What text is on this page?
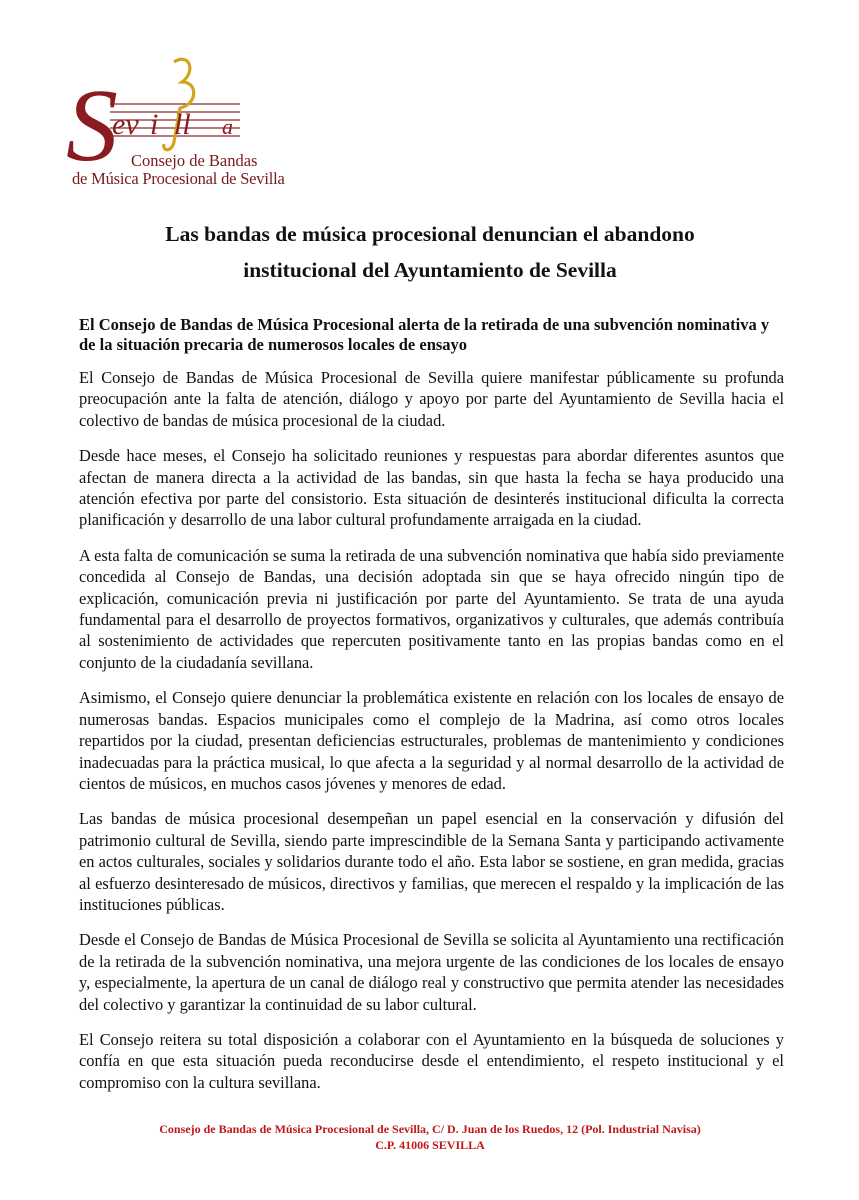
S
ev i ll a
Consejo de Bandas
de Música Procesional de Sevilla
Las bandas de música procesional denuncian el abandono
institucional del Ayuntamiento de Sevilla

El Consejo de Bandas de Música Procesional alerta de la retirada de una subvención nominativa y de la situación precaria de numerosos locales de ensayo

El Consejo de Bandas de Música Procesional de Sevilla quiere manifestar públicamente su profunda preocupación ante la falta de atención, diálogo y apoyo por parte del Ayuntamiento de Sevilla hacia el colectivo de bandas de música procesional de la ciudad.

Desde hace meses, el Consejo ha solicitado reuniones y respuestas para abordar diferentes asuntos que afectan de manera directa a la actividad de las bandas, sin que hasta la fecha se haya producido una atención efectiva por parte del consistorio. Esta situación de desinterés institucional dificulta la correcta planificación y desarrollo de una labor cultural profundamente arraigada en la ciudad.

A esta falta de comunicación se suma la retirada de una subvención nominativa que había sido previamente concedida al Consejo de Bandas, una decisión adoptada sin que se haya ofrecido ningún tipo de explicación, comunicación previa ni justificación por parte del Ayuntamiento. Se trata de una ayuda fundamental para el desarrollo de proyectos formativos, organizativos y culturales, que además contribuía al sostenimiento de actividades que repercuten positivamente tanto en las propias bandas como en el conjunto de la ciudadanía sevillana.

Asimismo, el Consejo quiere denunciar la problemática existente en relación con los locales de ensayo de numerosas bandas. Espacios municipales como el complejo de la Madrina, así como otros locales repartidos por la ciudad, presentan deficiencias estructurales, problemas de mantenimiento y condiciones inadecuadas para la práctica musical, lo que afecta a la seguridad y al normal desarrollo de la actividad de cientos de músicos, en muchos casos jóvenes y menores de edad.

Las bandas de música procesional desempeñan un papel esencial en la conservación y difusión del patrimonio cultural de Sevilla, siendo parte imprescindible de la Semana Santa y participando activamente en actos culturales, sociales y solidarios durante todo el año. Esta labor se sostiene, en gran medida, gracias al esfuerzo desinteresado de músicos, directivos y familias, que merecen el respaldo y la implicación de las instituciones públicas.

Desde el Consejo de Bandas de Música Procesional de Sevilla se solicita al Ayuntamiento una rectificación de la retirada de la subvención nominativa, una mejora urgente de las condiciones de los locales de ensayo y, especialmente, la apertura de un canal de diálogo real y constructivo que permita atender las necesidades del colectivo y garantizar la continuidad de su labor cultural.

El Consejo reitera su total disposición a colaborar con el Ayuntamiento en la búsqueda de soluciones y confía en que esta situación pueda reconducirse desde el entendimiento, el respeto institucional y el compromiso con la cultura sevillana.

Consejo de Bandas de Música Procesional de Sevilla, C/ D. Juan de los Ruedos, 12 (Pol. Industrial Navisa)
C.P. 41006 SEVILLA
